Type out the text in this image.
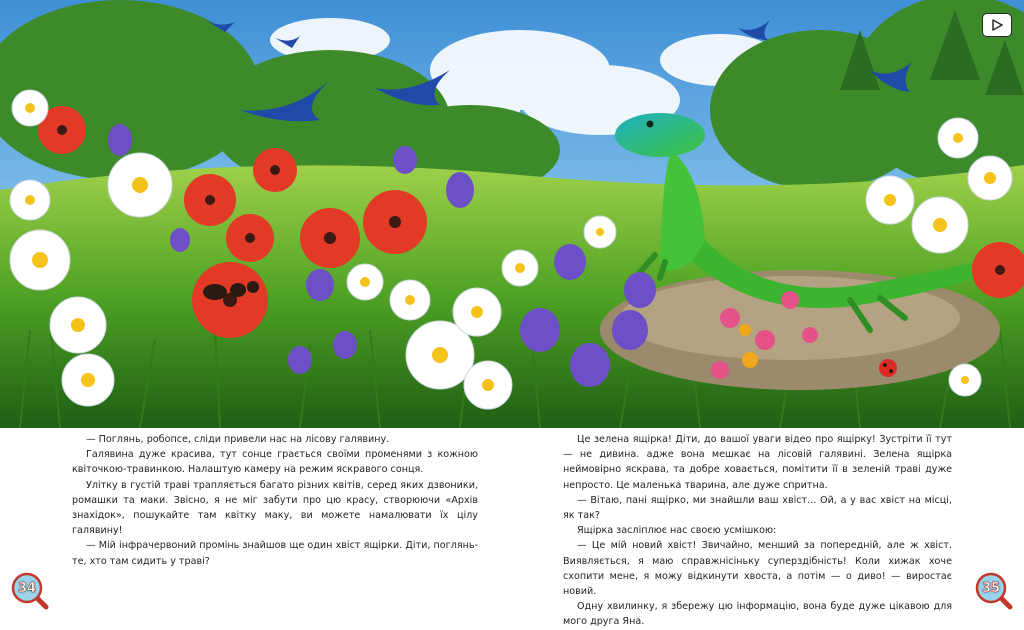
— Поглянь, робопсе, сліди привели нас на лісову галявину.

Галявина дуже красива, тут сонце грається своїми променями з кожною квіточкою-травинкою. Налаштую камеру на режим яскравого сонця.

Улітку в густій траві трапляється багато різних квітів, серед яких дзвоники, ромашки та маки. Звісно, я не міг забути про цю красу, створюючи «Архів знахідок», пошукайте там квітку маку, ви можете намалювати їх цілу галявину!

— Мій інфрачервоний промінь знайшов ще один хвіст ящірки. Діти, поглянь-те, хто там сидить у траві?

Це зелена ящірка! Діти, до вашої уваги відео про ящірку! Зустріти її тут — не дивина. адже вона мешкає на лісовій галявині. Зелена ящірка неймовірно яскрава, та добре ховається, помітити її в зеленій траві дуже непросто. Це маленька тварина, але дуже спритна.

— Вітаю, пані ящірко, ми знайшли ваш хвіст... Ой, а у вас хвіст на місці, як так?

Ящірка засліплює нас своєю усмішкою:

— Це мій новий хвіст! Звичайно, менший за попередній, але ж хвіст. Виявляється, я маю справжнісіньку суперздібність! Коли хижак хоче схопити мене, я можу відкинути хвоста, а потім — о диво! — виростає новий.

Одну хвилинку, я збережу цю інформацію, вона буде дуже цікавою для мого друга Яна.

34	35
